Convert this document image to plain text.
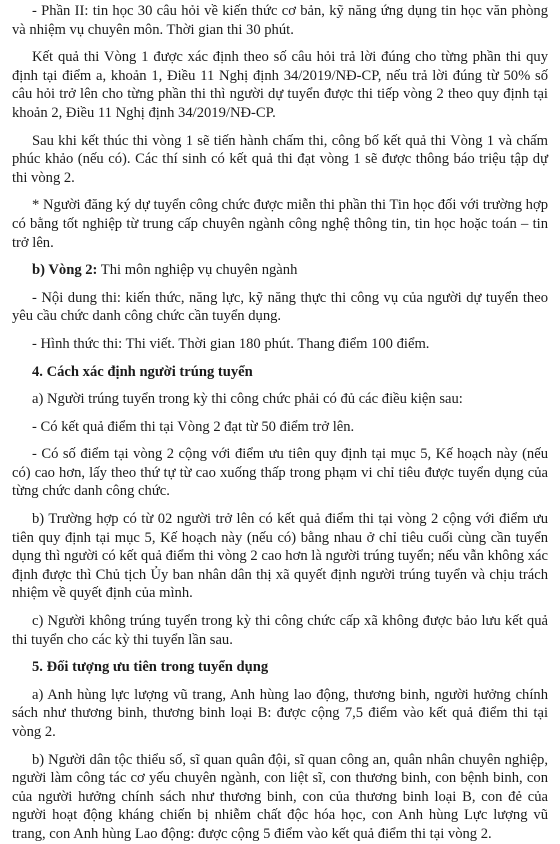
- Phần II: tin học 30 câu hỏi về kiến thức cơ bản, kỹ năng ứng dụng tin học văn phòng và nhiệm vụ chuyên môn. Thời gian thi 30 phút.

Kết quả thi Vòng 1 được xác định theo số câu hỏi trả lời đúng cho từng phần thi quy định tại điểm a, khoản 1, Điều 11 Nghị định 34/2019/NĐ-CP, nếu trả lời đúng từ 50% số câu hỏi trở lên cho từng phần thi thì người dự tuyển được thi tiếp vòng 2 theo quy định tại khoản 2, Điều 11 Nghị định 34/2019/NĐ-CP.

Sau khi kết thúc thi vòng 1 sẽ tiến hành chấm thi, công bố kết quả thi Vòng 1 và chấm phúc khảo (nếu có). Các thí sinh có kết quả thi đạt vòng 1 sẽ được thông báo triệu tập dự thi vòng 2.

* Người đăng ký dự tuyển công chức được miễn thi phần thi Tin học đối với trường hợp có bằng tốt nghiệp từ trung cấp chuyên ngành công nghệ thông tin, tin học hoặc toán – tin trở lên.

b) Vòng 2: Thi môn nghiệp vụ chuyên ngành

- Nội dung thi: kiến thức, năng lực, kỹ năng thực thi công vụ của người dự tuyển theo yêu cầu chức danh công chức cần tuyển dụng.

- Hình thức thi: Thi viết. Thời gian 180 phút. Thang điểm 100 điểm.

4. Cách xác định người trúng tuyển

a) Người trúng tuyển trong kỳ thi công chức phải có đủ các điều kiện sau:

- Có kết quả điểm thi tại Vòng 2 đạt từ 50 điểm trở lên.

- Có số điểm tại vòng 2 cộng với điểm ưu tiên quy định tại mục 5, Kế hoạch này (nếu có) cao hơn, lấy theo thứ tự từ cao xuống thấp trong phạm vi chỉ tiêu được tuyển dụng của từng chức danh công chức.

b) Trường hợp có từ 02 người trở lên có kết quả điểm thi tại vòng 2 cộng với điểm ưu tiên quy định tại mục 5, Kế hoạch này (nếu có) bằng nhau ở chỉ tiêu cuối cùng cần tuyển dụng thì người có kết quả điểm thi vòng 2 cao hơn là người trúng tuyển; nếu vẫn không xác định được thì Chủ tịch Ủy ban nhân dân thị xã quyết định người trúng tuyển và chịu trách nhiệm về quyết định của mình.

c) Người không trúng tuyển trong kỳ thi công chức cấp xã không được bảo lưu kết quả thi tuyển cho các kỳ thi tuyển lần sau.

5. Đối tượng ưu tiên trong tuyển dụng

a) Anh hùng lực lượng vũ trang, Anh hùng lao động, thương binh, người hưởng chính sách như thương binh, thương binh loại B: được cộng 7,5 điểm vào kết quả điểm thi tại vòng 2.

b) Người dân tộc thiểu số, sĩ quan quân đội, sĩ quan công an, quân nhân chuyên nghiệp, người làm công tác cơ yếu chuyên ngành, con liệt sĩ, con thương binh, con bệnh binh, con của người hưởng chính sách như thương binh, con của thương binh loại B, con đẻ của người hoạt động kháng chiến bị nhiễm chất độc hóa học, con Anh hùng Lực lượng vũ trang, con Anh hùng Lao động: được cộng 5 điểm vào kết quả điểm thi tại vòng 2.
